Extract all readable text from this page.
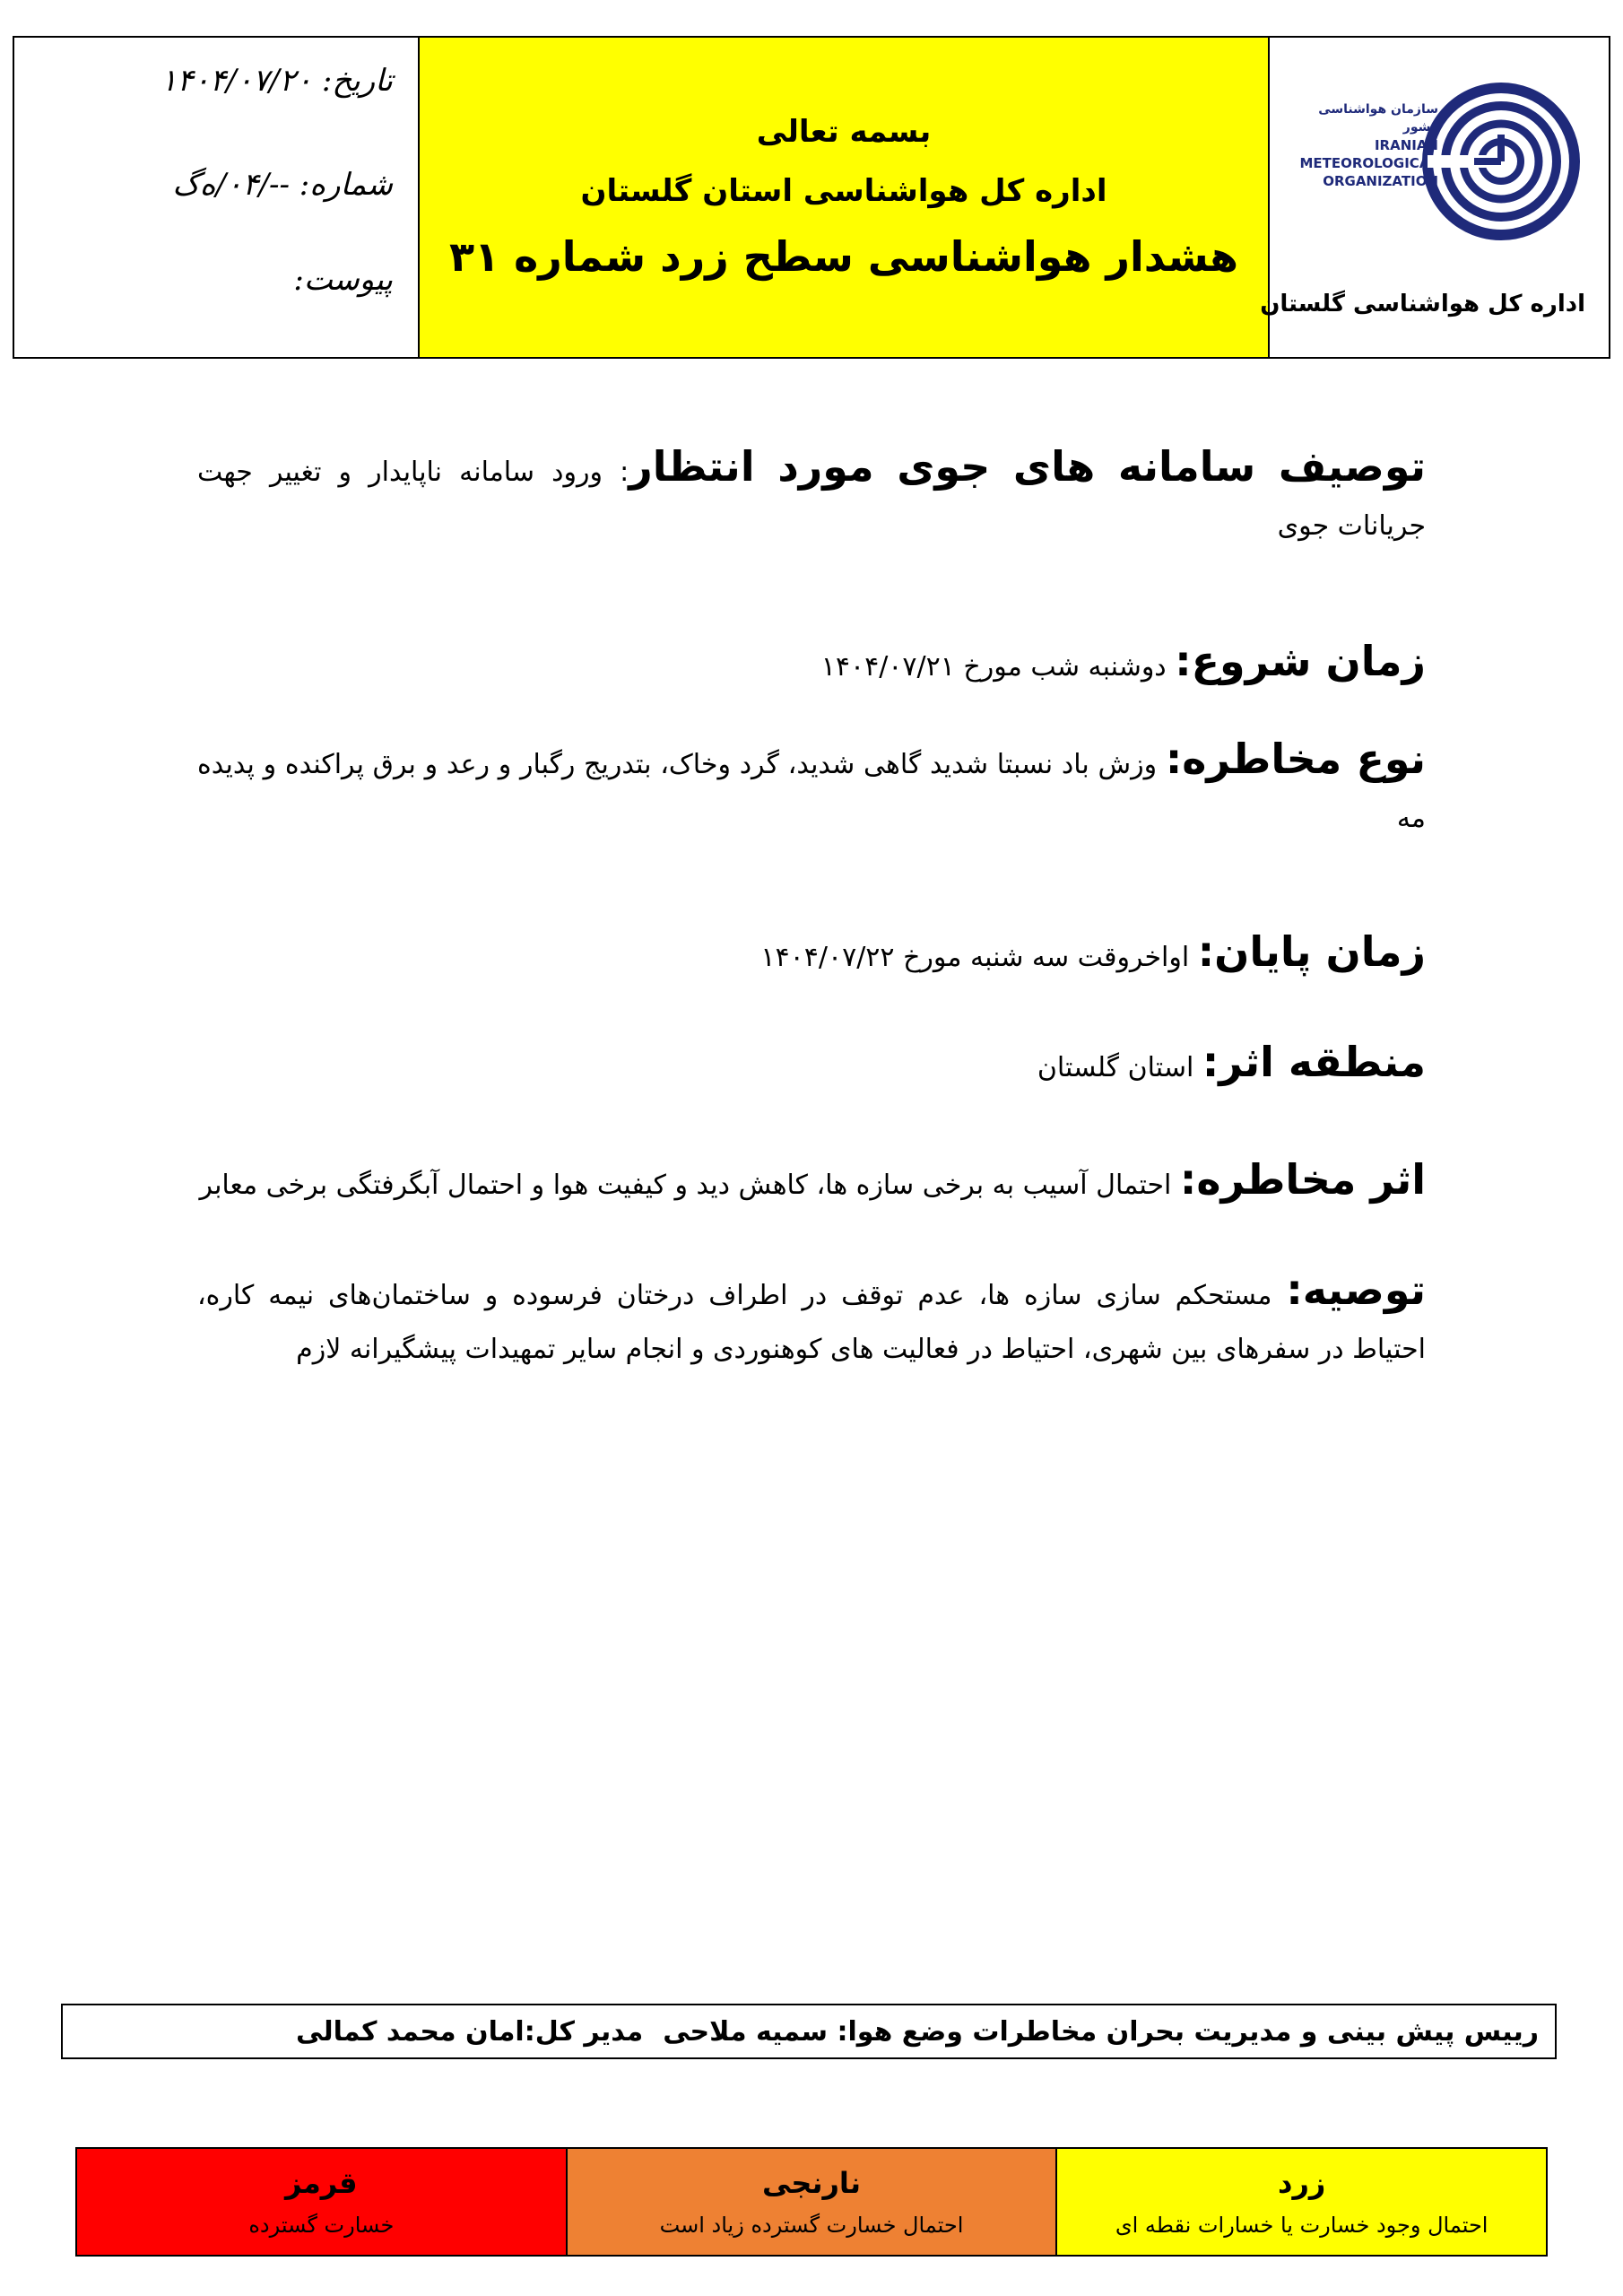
تاریخ: ۱۴۰۴/۰۷/۲۰
شماره: --/۰۴/ه‌گ
پیوست:
بسمه تعالی
اداره کل هواشناسی استان گلستان
هشدار هواشناسی سطح زرد شماره ۳۱
سازمان هواشناسی کشور
IRANIAN
METEOROLOGICAL
ORGANIZATION
اداره کل هواشناسی گلستان
توصیف سامانه های جوی مورد انتظار: ورود سامانه ناپایدار و تغییر جهت جریانات جوی
زمان شروع: دوشنبه شب مورخ ۱۴۰۴/۰۷/۲۱
نوع مخاطره: وزش باد نسبتا شدید گاهی شدید، گرد وخاک، بتدریج رگبار و رعد و برق پراکنده و پدیده مه
زمان پایان: اواخروقت سه شنبه مورخ ۱۴۰۴/۰۷/۲۲
منطقه اثر: استان گلستان
اثر مخاطره: احتمال آسیب به برخی سازه ها، کاهش دید و کیفیت هوا و احتمال آبگرفتگی برخی معابر
توصیه: مستحکم سازی سازه ها، عدم توقف در اطراف درختان فرسوده و ساختمان‌های نیمه کاره، احتیاط در سفرهای بین شهری، احتیاط در فعالیت های کوهنوردی و انجام سایر تمهیدات پیشگیرانه لازم
رییس پیش بینی و مدیریت بحران مخاطرات وضع هوا: سمیه ملاحی
مدیر کل:امان محمد کمالی
زرد
احتمال وجود خسارت یا خسارات نقطه ای
نارنجی
احتمال خسارت گسترده زیاد است
قرمز
خسارت گسترده
